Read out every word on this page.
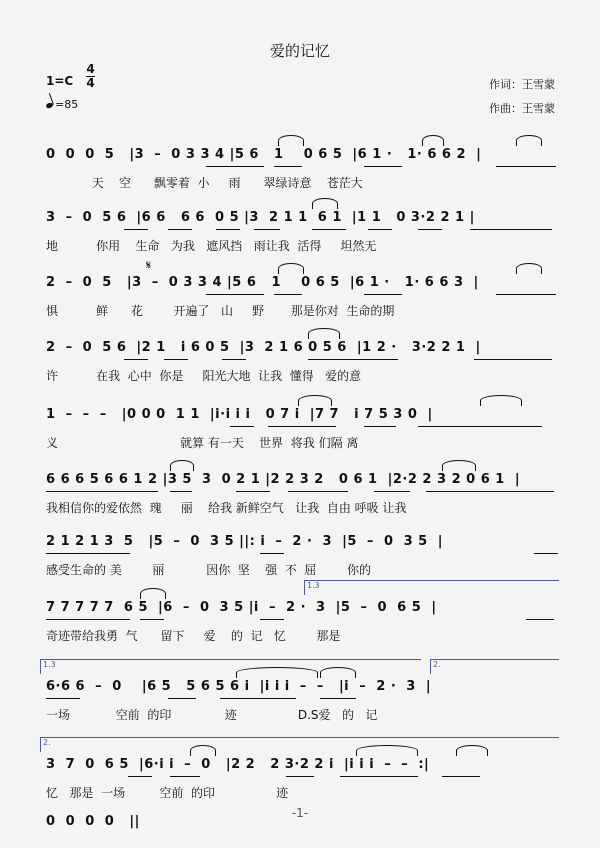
爱的记忆
1=C
4
4
=85
作词：王雪蒙
作曲：王雪蒙
𝄋
0  0  0  5   |3  –  0 3 3 4 |5 6   1    0 6 5  |6 1 ·   1· 6 6 2  |
天    空      飘零着  小     雨      翠绿诗意    苍茫大
3  –  0  5 6  |6 6   6 6  0 5 |3  2 1 1  6 1  |1 1   0 3·2 2 1 |
地          你用    生命   为我   遮风挡   雨让我  活得     坦然无
2  –  0  5   |3  –  0 3 3 4 |5 6   1    0 6 5  |6 1 ·   1· 6 6 3  |
惧          鲜      花        开遍了   山     野       那是你对  生命的期
2  –  0  5 6  |2 1   i 6 0 5  |3  2 1 6 0 5 6  |1 2 ·   3·2 2 1  |
许          在我  心中  你是     阳光大地  让我  懂得   爱的意
1  –  –  –   |0 0 0  1 1  |i·i i i   0 7 i  |7 7   i 7 5 3 0  |
义                                就算 有一天    世界  将我 们隔 离
6 6 6 5 6 6 1 2 |3 5  3  0 2 1 |2 2 3 2   0 6 1  |2·2 2 3 2 0 6 1  |
我相信你的爱依然  瑰     丽    给我 新鲜空气   让我  自由 呼吸 让我
2 1 2 1 3  5   |5  –  0  3 5 ||: i  –  2 ·  3  |5  –  0  3 5  |
感受生命的 美        丽           因你  坚    强  不  屈        你的
7 7 7 7 7  6 5  |6  –  0  3 5 |i  –  2 ·  3  |5  –  0  6 5  |
奇迹带给我勇  气      留下     爱    的  记   忆        那是
1.3
6·6 6  –  0    |6 5   5 6 5 6 i  |i i i  –  –   |i  –  2 ·  3  |
一场            空前  的印              迹                D.S爱   的   记
1.3	2.
3  7  0  6 5  |6·i i  –  0   |2 2   2 3·2 2 i  |i i i  –  –  :|
忆   那是  一场         空前  的印                迹
2.
0  0  0  0   ||
-1-
